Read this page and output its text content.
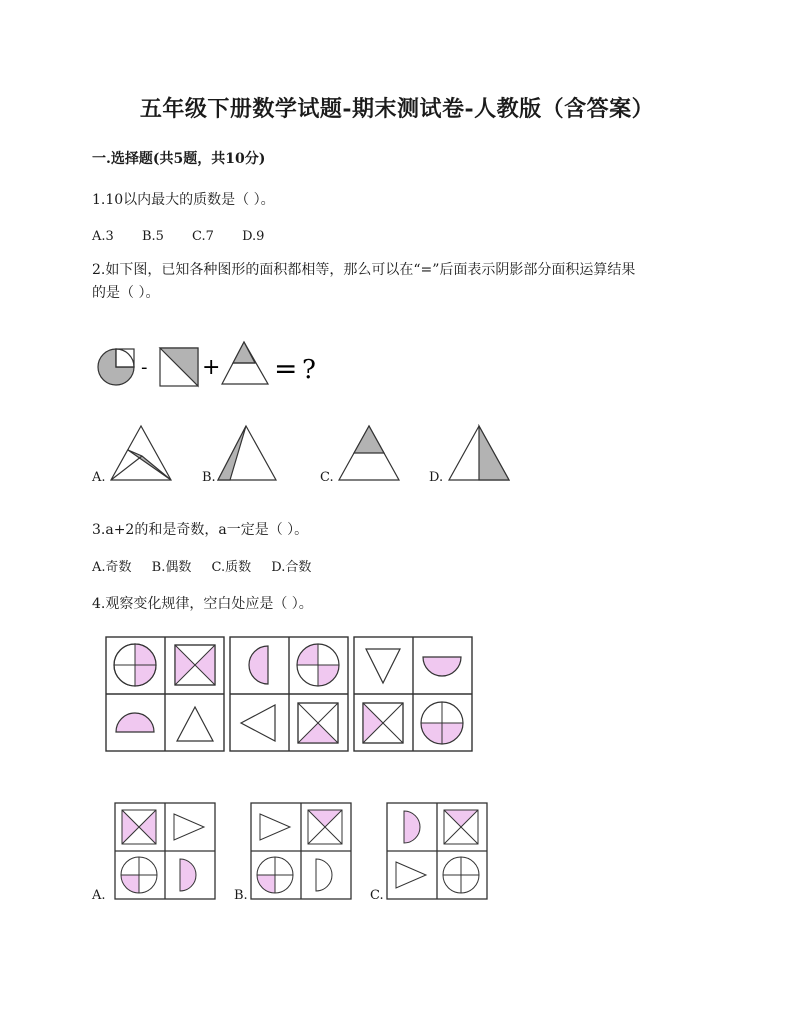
五年级下册数学试题-期末测试卷-人教版（含答案）
一.选择题(共5题，共10分)
1.10以内最大的质数是（ ）。
A.3 B.5 C.7 D.9
2.如下图，已知各种图形的面积都相等，那么可以在“=”后面表示阴影部分面积运算结果
的是（ ）。
- + = ?
A.	B.	C.	D.
3.a+2的和是奇数，a一定是（ ）。
A.奇数 B.偶数 C.质数 D.合数
4.观察变化规律，空白处应是（ ）。
A.	B.	C.
